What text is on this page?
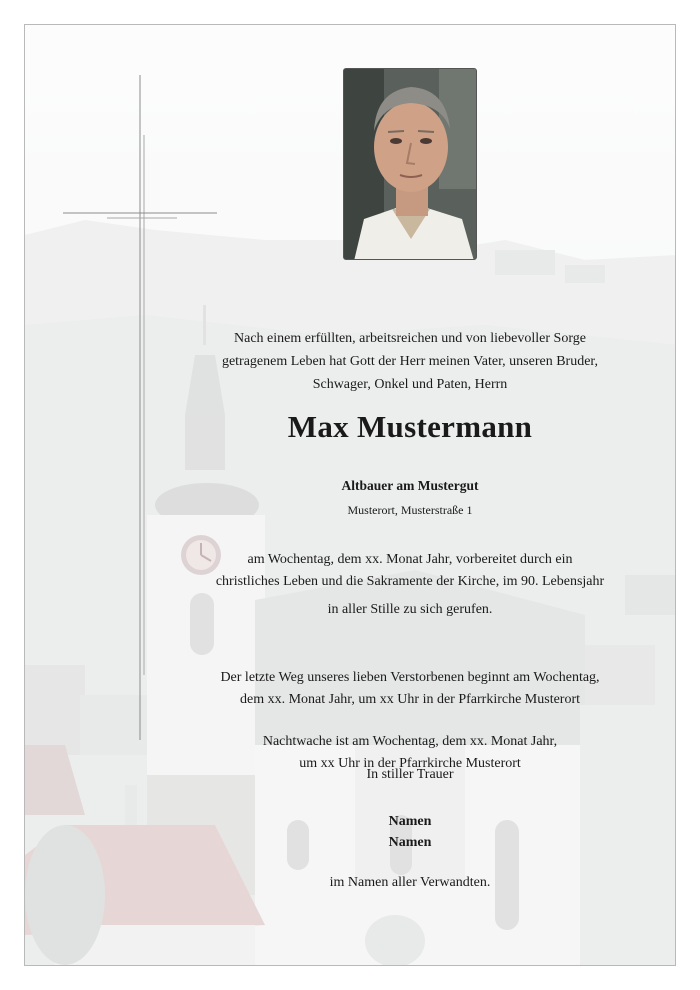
Nach einem erfüllten, arbeitsreichen und von liebevoller Sorge
getragenem Leben hat Gott der Herr meinen Vater, unseren Bruder,
Schwager, Onkel und Paten, Herrn
Max Mustermann
Altbauer am Mustergut
Musterort, Musterstraße 1
am Wochentag, dem xx. Monat Jahr, vorbereitet durch ein
christliches Leben und die Sakramente der Kirche, im 90. Lebensjahr
in aller Stille zu sich gerufen.
Der letzte Weg unseres lieben Verstorbenen beginnt am Wochentag,
dem xx. Monat Jahr, um xx Uhr in der Pfarrkirche Musterort
Nachtwache ist am Wochentag, dem xx. Monat Jahr,
um xx Uhr in der Pfarrkirche Musterort
In stiller Trauer
Namen
Namen
im Namen aller Verwandten.
